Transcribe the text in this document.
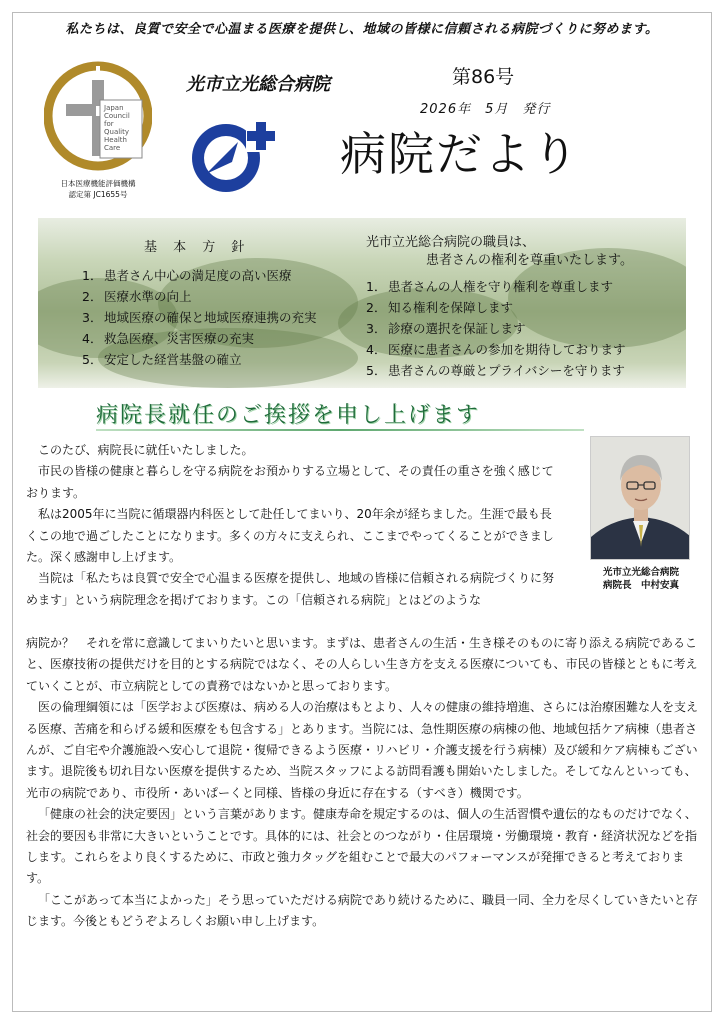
私たちは、良質で安全で心温まる医療を提供し、地域の皆様に信頼される病院づくりに努めます。
Japan
Council
for
Quality
Health
Care
日本医療機能評価機構
認定第 JC1655号
光市立光総合病院	第86号
2026年　5月　発行
病院だより
基 本 方 針
1． 患者さん中心の満足度の高い医療
2． 医療水準の向上
3． 地域医療の確保と地域医療連携の充実
4． 救急医療、災害医療の充実
5． 安定した経営基盤の確立
光市立光総合病院の職員は、
患者さんの権利を尊重いたします。
1． 患者さんの人権を守り権利を尊重します
2． 知る権利を保障します
3． 診療の選択を保証します
4． 医療に患者さんの参加を期待しております
5． 患者さんの尊厳とプライバシーを守ります
病院長就任のご挨拶を申し上げます

このたび、病院長に就任いたしました。

市民の皆様の健康と暮らしを守る病院をお預かりする立場として、その責任の重さを強く感じております。

私は2005年に当院に循環器内科医として赴任してまいり、20年余が経ちました。生涯で最も長くこの地で過ごしたことになります。多くの方々に支えられ、ここまでやってくることができました。深く感謝申し上げます。

当院は「私たちは良質で安全で心温まる医療を提供し、地域の皆様に信頼される病院づくりに努めます」という病院理念を掲げております。この「信頼される病院」とはどのような

光市立光総合病院
病院長　中村安真

病院か？　それを常に意識してまいりたいと思います。まずは、患者さんの生活・生き様そのものに寄り添える病院であること、医療技術の提供だけを目的とする病院ではなく、その人らしい生き方を支える医療についても、市民の皆様とともに考えていくことが、市立病院としての責務ではないかと思っております。

医の倫理綱領には「医学および医療は、病める人の治療はもとより、人々の健康の維持増進、さらには治療困難な人を支える医療、苦痛を和らげる緩和医療をも包含する」とあります。当院には、急性期医療の病棟の他、地域包括ケア病棟（患者さんが、ご自宅や介護施設へ安心して退院・復帰できるよう医療・リハビリ・介護支援を行う病棟）及び緩和ケア病棟もございます。退院後も切れ目ない医療を提供するため、当院スタッフによる訪問看護も開始いたしました。そしてなんといっても、光市の病院であり、市役所・あいぱーくと同様、皆様の身近に存在する（すべき）機関です。

「健康の社会的決定要因」という言葉があります。健康寿命を規定するのは、個人の生活習慣や遺伝的なものだけでなく、社会的要因も非常に大きいということです。具体的には、社会とのつながり・住居環境・労働環境・教育・経済状況などを指します。これらをより良くするために、市政と強力タッグを組むことで最大のパフォーマンスが発揮できると考えております。

「ここがあって本当によかった」そう思っていただける病院であり続けるために、職員一同、全力を尽くしていきたいと存じます。今後ともどうぞよろしくお願い申し上げます。
